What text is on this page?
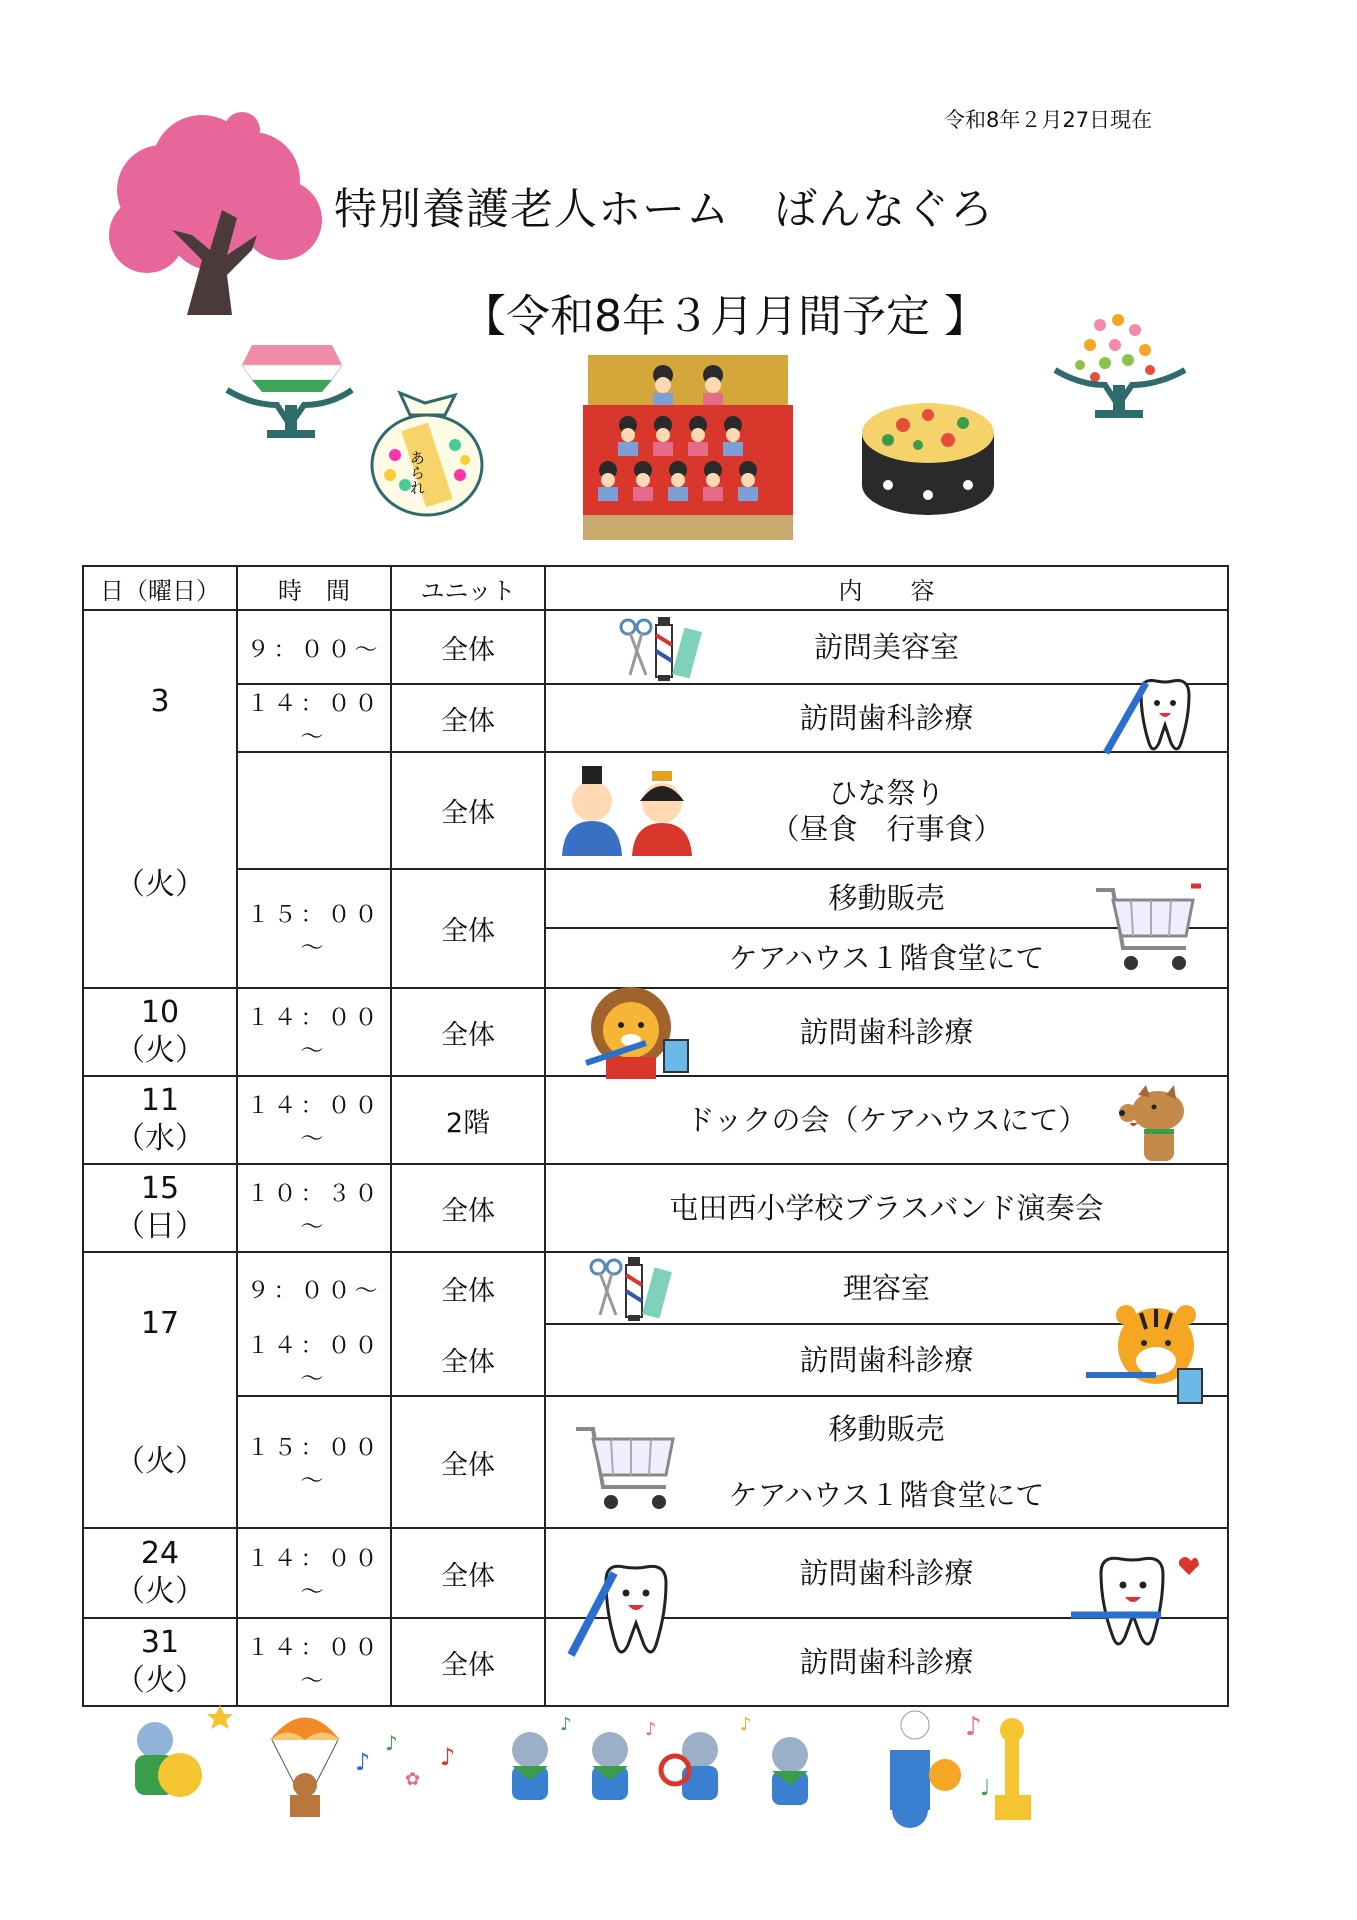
令和8年２月27日現在
特別養護老人ホーム　ばんなぐろ
【令和8年３月月間予定 】
あられ
日（曜日）	時　間	ユニット	内　　容

3
（火）	９：００～	全体	訪問美容室

	１４：００～	全体	訪問歯科診療

		全体	ひな祭り
（昼食　行事食）

	１５：００～	全体	移動販売
ケアハウス１階食堂にて

10
（火）	１４：００～	全体	訪問歯科診療

11
（水）	１４：００～	2階	ドックの会（ケアハウスにて）

15
（日）	１０：３０～	全体	屯田西小学校ブラスバンド演奏会

17
（火）	９：００～	全体	理容室

	１４：００～	全体	訪問歯科診療

	１５：００～	全体	移動販売
ケアハウス１階食堂にて

24
（火）	１４：００～	全体	訪問歯科診療

31
（火）	１４：００～	全体	訪問歯科診療
♪
♪
✿
♪
♪	♪	♪	♪
♩
